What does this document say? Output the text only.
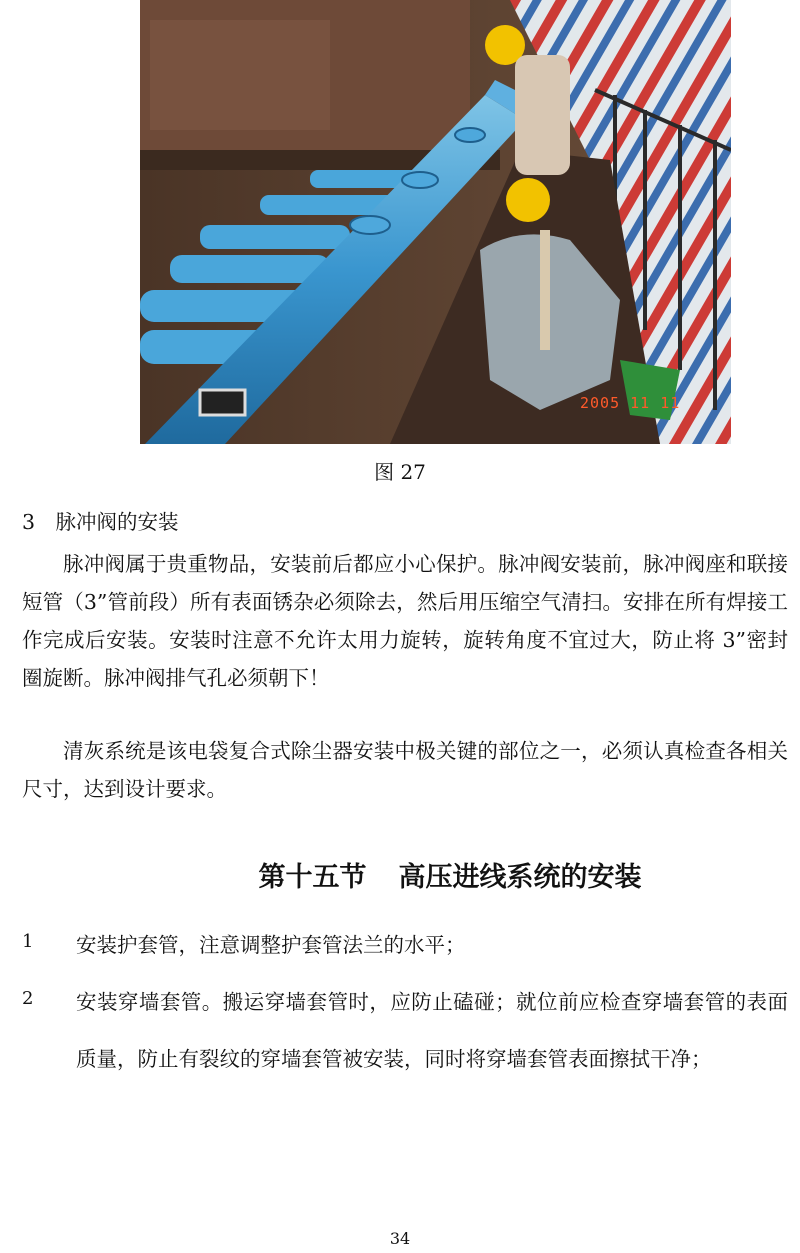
2005 11 11
图 27

3　脉冲阀的安装

脉冲阀属于贵重物品，安装前后都应小心保护。脉冲阀安装前，脉冲阀座和联接短管（3”管前段）所有表面锈杂必须除去，然后用压缩空气清扫。安排在所有焊接工作完成后安装。安装时注意不允许太用力旋转，旋转角度不宜过大，防止将 3”密封圈旋断。脉冲阀排气孔必须朝下！

清灰系统是该电袋复合式除尘器安装中极关键的部位之一，必须认真检查各相关尺寸，达到设计要求。

第十五节 高压进线系统的安装
1 安装护套管，注意调整护套管法兰的水平；
2 安装穿墙套管。搬运穿墙套管时，应防止磕碰；就位前应检查穿墙套管的表面质量，防止有裂纹的穿墙套管被安装，同时将穿墙套管表面擦拭干净；
34
